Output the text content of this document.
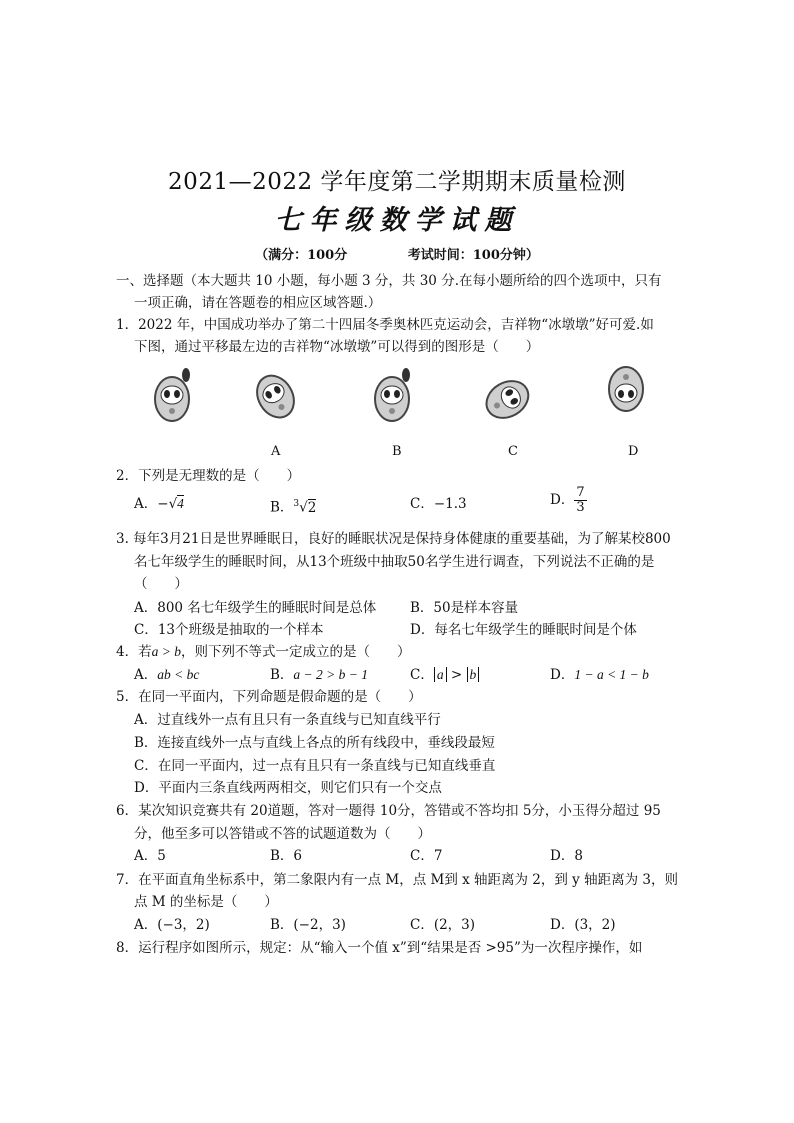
2021—2022 学年度第二学期期末质量检测
七年级数学试题
（满分：100分	考试时间：100分钟）
一、选择题（本大题共 10 小题，每小题 3 分，共 30 分.在每小题所给的四个选项中，只有
一项正确，请在答题卷的相应区域答题.）
1．2022 年，中国成功举办了第二十四届冬季奥林匹克运动会，吉祥物“冰墩墩”好可爱.如
下图，通过平移最左边的吉祥物“冰墩墩”可以得到的图形是（　　）
A	B	C	D
2．下列是无理数的是（　　）
A．−√4	B．$^3$√2	C．−1.3	D． $\frac{7}{3}$
3. 每年3月21日是世界睡眠日，良好的睡眠状况是保持身体健康的重要基础，为了解某校800
名七年级学生的睡眠时间，从13个班级中抽取50名学生进行调查，下列说法不正确的是
（　　）
A．800 名七年级学生的睡眠时间是总体 B．50是样本容量
C．13个班级是抽取的一个样本	D．每名七年级学生的睡眠时间是个体
4．若a > b，则下列不等式一定成立的是（　　）
A．ab < bc	B．a − 2 > b − 1	C． a > b	D．1 − a < 1 − b
5．在同一平面内，下列命题是假命题的是（　　）
A．过直线外一点有且只有一条直线与已知直线平行
B．连接直线外一点与直线上各点的所有线段中，垂线段最短
C．在同一平面内，过一点有且只有一条直线与已知直线垂直
D．平面内三条直线两两相交，则它们只有一个交点
6．某次知识竞赛共有 20道题，答对一题得 10分，答错或不答均扣 5分，小玉得分超过 95
分，他至多可以答错或不答的试题道数为（　　）
A．5	B．6	C．7	D．8
7．在平面直角坐标系中，第二象限内有一点 M，点 M到 x 轴距离为 2，到 y 轴距离为 3，则
点 M 的坐标是（　　）
A．(−3，2)	B．(−2，3)	C．(2，3)	D．(3，2)
8．运行程序如图所示，规定：从“输入一个值 x”到“结果是否 >95”为一次程序操作，如
